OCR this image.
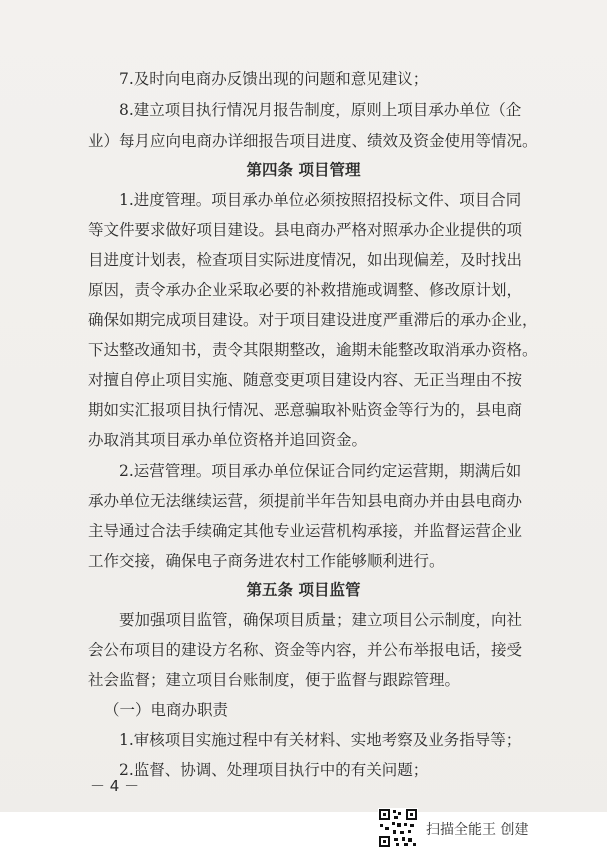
7.及时向电商办反馈出现的问题和意见建议；
8.建立项目执行情况月报告制度，原则上项目承办单位（企
业）每月应向电商办详细报告项目进度、绩效及资金使用等情况。
第四条 项目管理
1.进度管理。项目承办单位必须按照招投标文件、项目合同
等文件要求做好项目建设。县电商办严格对照承办企业提供的项
目进度计划表，检查项目实际进度情况，如出现偏差，及时找出
原因，责令承办企业采取必要的补救措施或调整、修改原计划，
确保如期完成项目建设。对于项目建设进度严重滞后的承办企业，
下达整改通知书，责令其限期整改，逾期未能整改取消承办资格。
对擅自停止项目实施、随意变更项目建设内容、无正当理由不按
期如实汇报项目执行情况、恶意骗取补贴资金等行为的，县电商
办取消其项目承办单位资格并追回资金。
2.运营管理。项目承办单位保证合同约定运营期，期满后如
承办单位无法继续运营，须提前半年告知县电商办并由县电商办
主导通过合法手续确定其他专业运营机构承接，并监督运营企业
工作交接，确保电子商务进农村工作能够顺利进行。
第五条 项目监管
要加强项目监管，确保项目质量；建立项目公示制度，向社
会公布项目的建设方名称、资金等内容，并公布举报电话，接受
社会监督；建立项目台账制度，便于监督与跟踪管理。
（一）电商办职责
1.审核项目实施过程中有关材料、实地考察及业务指导等；
2.监督、协调、处理项目执行中的有关问题；
－ 4 －
扫描全能王 创建
